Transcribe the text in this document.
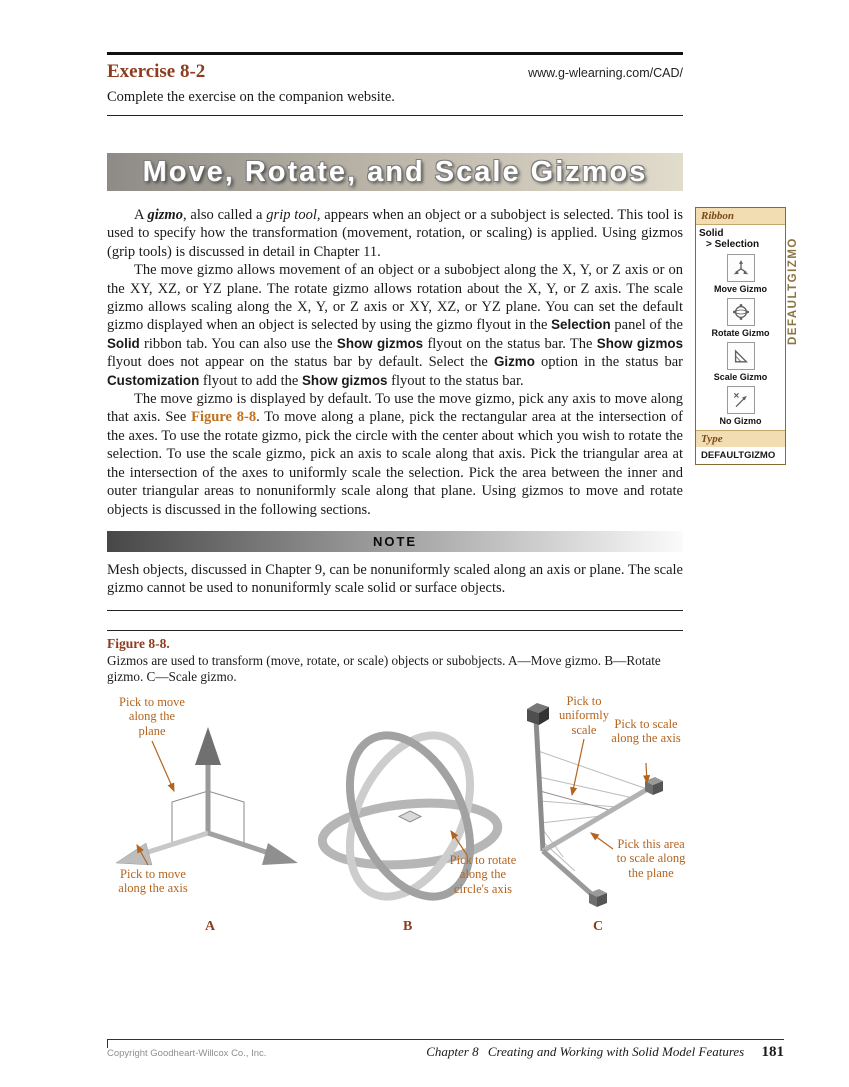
Exercise 8-2	www.g-wlearning.com/CAD/
Complete the exercise on the companion website.
Move, Rotate, and Scale Gizmos

A gizmo, also called a grip tool, appears when an object or a subobject is selected. This tool is used to specify how the transformation (movement, rotation, or scaling) is applied. Using gizmos (grip tools) is discussed in detail in Chapter 11.

The move gizmo allows movement of an object or a subobject along the X, Y, or Z axis or on the XY, XZ, or YZ plane. The rotate gizmo allows rotation about the X, Y, or Z axis. The scale gizmo allows scaling along the X, Y, or Z axis or XY, XZ, or YZ plane. You can set the default gizmo displayed when an object is selected by using the gizmo flyout in the Selection panel of the Solid ribbon tab. You can also use the Show gizmos flyout on the status bar. The Show gizmos flyout does not appear on the status bar by default. Select the Gizmo option in the status bar Customization flyout to add the Show gizmos flyout to the status bar.

The move gizmo is displayed by default. To use the move gizmo, pick any axis to move along that axis. See Figure 8-8. To move along a plane, pick the rectangular area at the intersection of the axes. To use the rotate gizmo, pick the circle with the center about which you wish to rotate the selection. To use the scale gizmo, pick an axis to scale along that axis. Pick the triangular area at the intersection of the axes to uniformly scale the selection. Pick the area between the inner and outer triangular areas to nonuniformly scale along that plane. Using gizmos to move and rotate objects is discussed in the following sections.

NOTE

Mesh objects, discussed in Chapter 9, can be nonuniformly scaled along an axis or plane. The scale gizmo cannot be used to nonuniformly scale solid or surface objects.

Figure 8-8.

Gizmos are used to transform (move, rotate, or scale) objects or subobjects. A—Move gizmo. B—Rotate gizmo. C—Scale gizmo.

Pick to move along the plane
Pick to move along the axis
Pick to rotate along the circle's axis
Pick to uniformly scale	Pick to scale along the axis
Pick this area to scale along the plane
A	B	C
Ribbon
Solid
> Selection
Move Gizmo
Rotate Gizmo
Scale Gizmo
No Gizmo
Type
DEFAULTGIZMO
DEFAULTGIZMO
Copyright Goodheart-Willcox Co., Inc.	Chapter 8 Creating and Working with Solid Model Features 181
